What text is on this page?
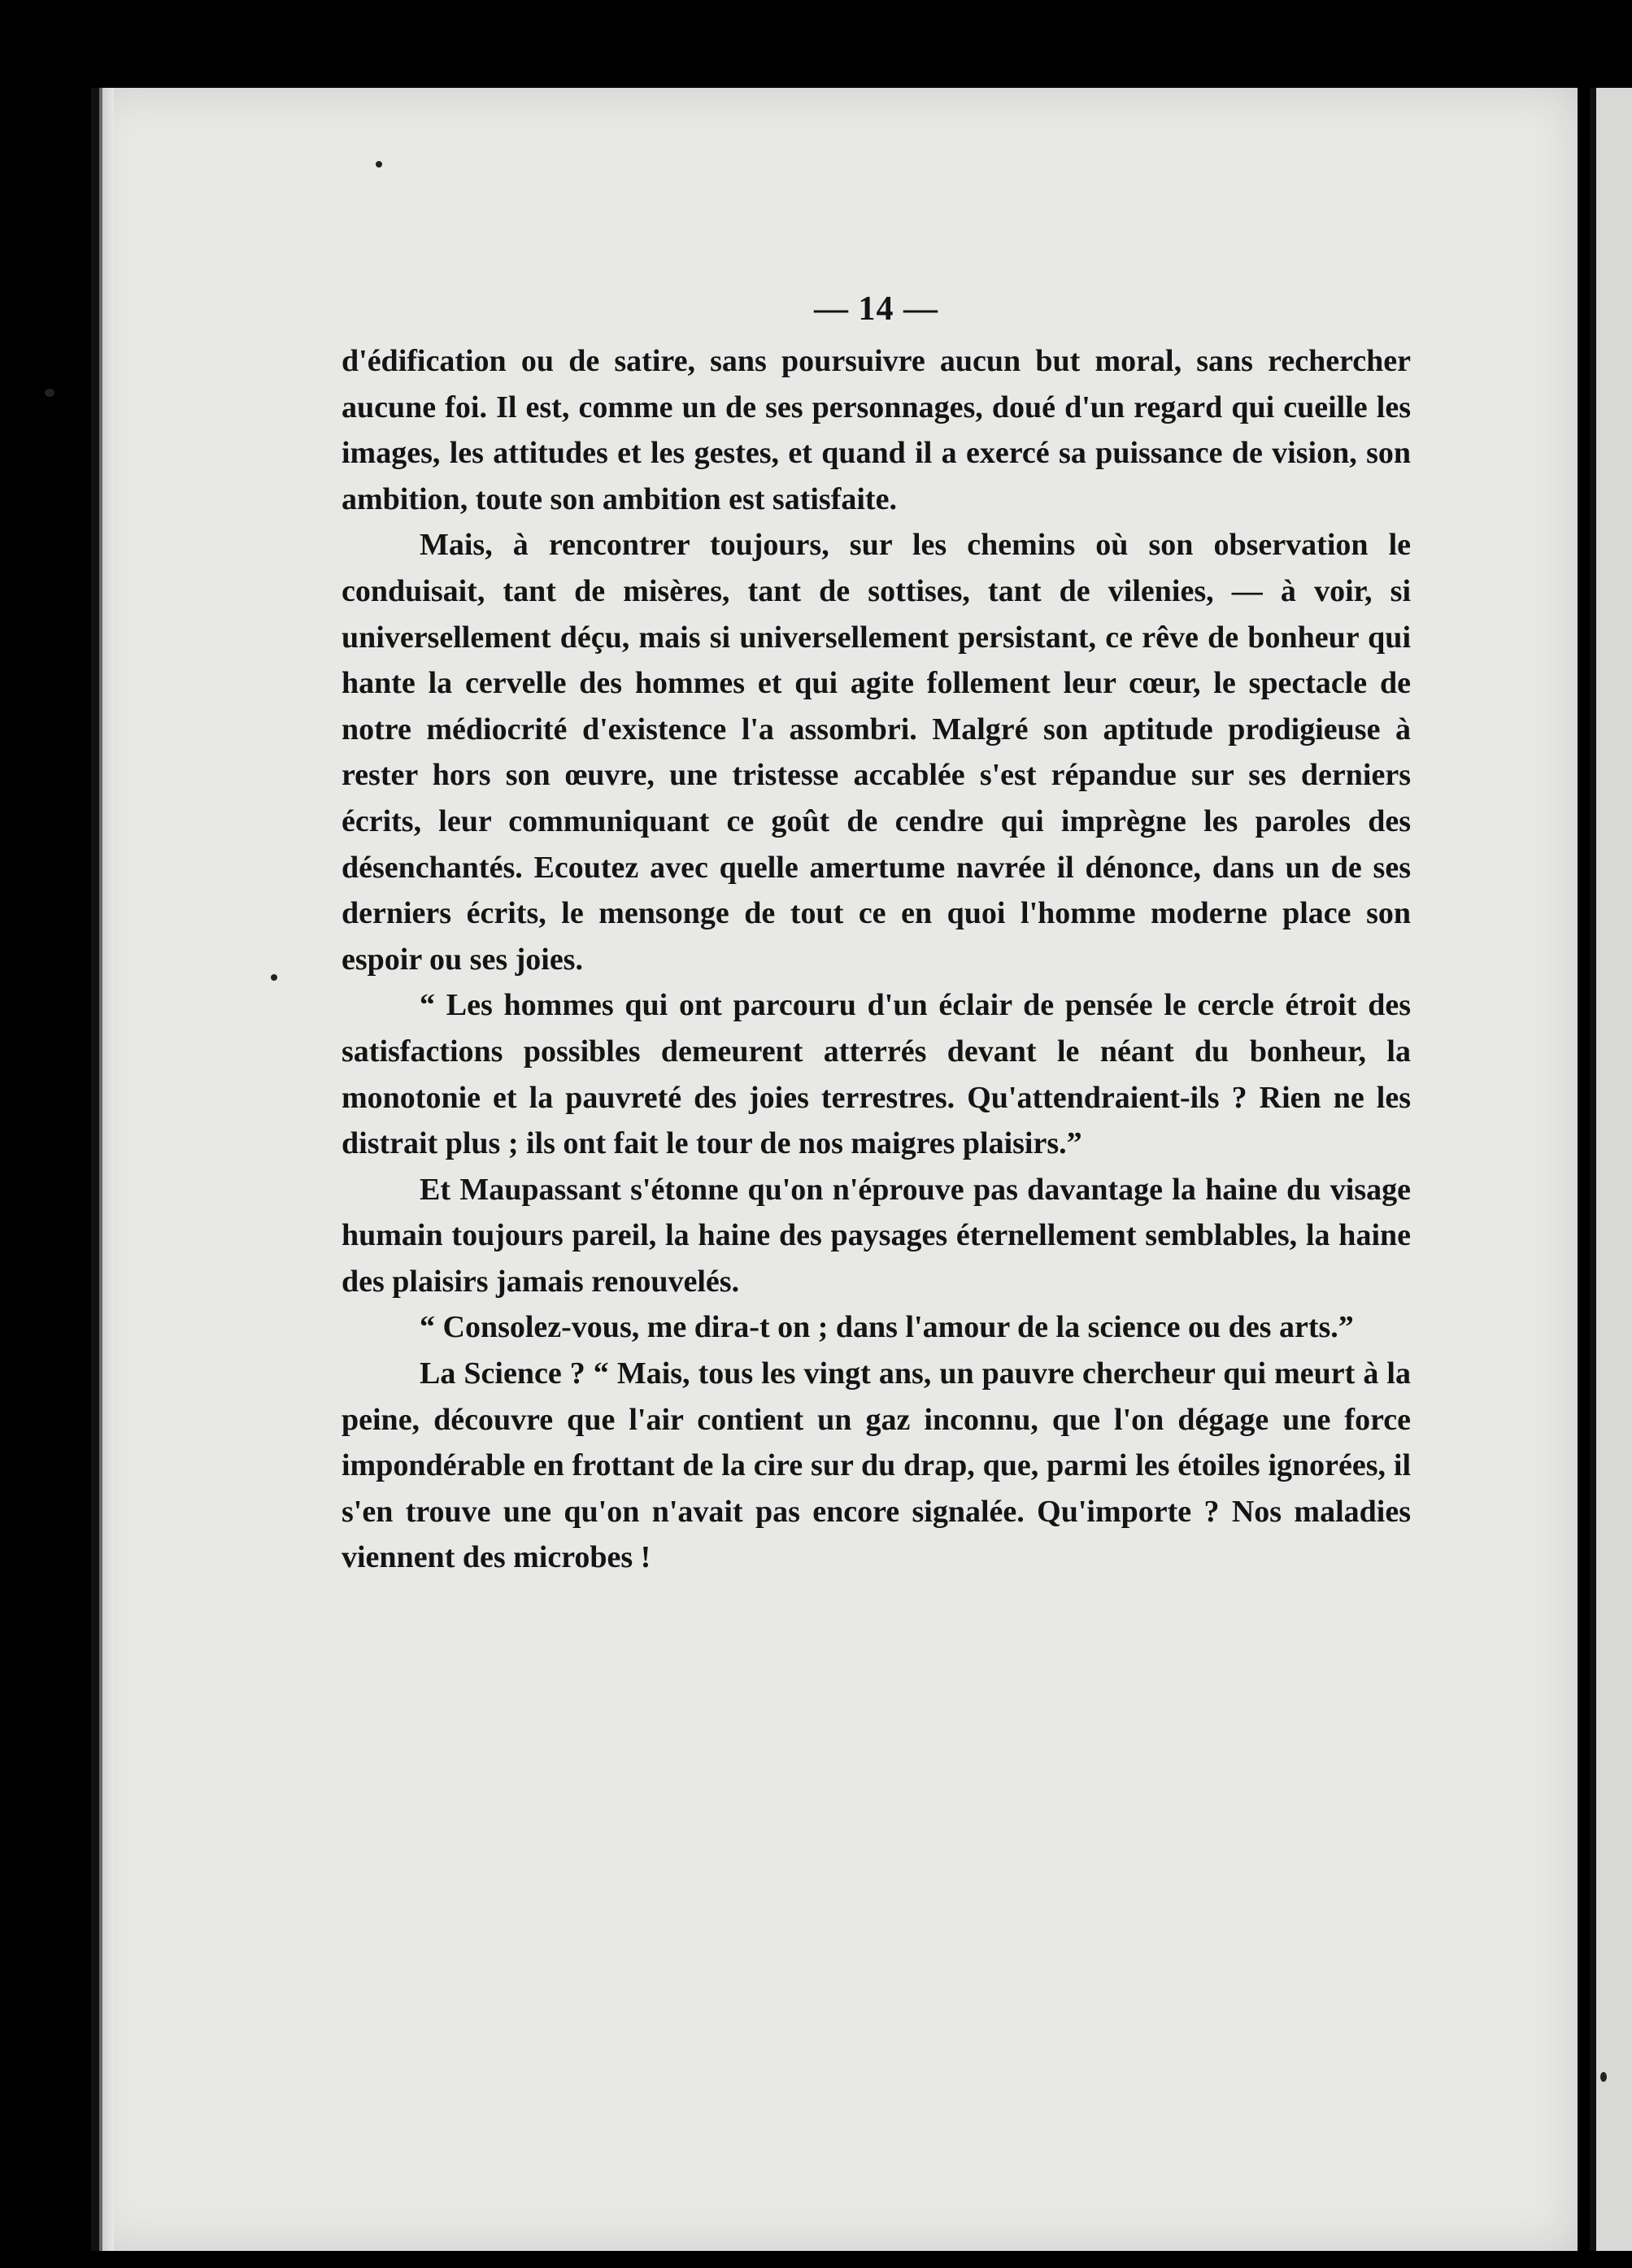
— 14 —

d'édification ou de satire, sans poursuivre aucun but moral, sans rechercher aucune foi. Il est, comme un de ses personnages, doué d'un regard qui cueille les images, les attitudes et les gestes, et quand il a exercé sa puissance de vision, son ambition, toute son ambition est satisfaite.

Mais, à rencontrer toujours, sur les chemins où son observation le conduisait, tant de misères, tant de sottises, tant de vilenies, — à voir, si universellement déçu, mais si universellement persistant, ce rêve de bonheur qui hante la cervelle des hommes et qui agite follement leur cœur, le spectacle de notre médiocrité d'existence l'a assombri. Malgré son aptitude prodigieuse à rester hors son œuvre, une tristesse accablée s'est répandue sur ses derniers écrits, leur communiquant ce goût de cendre qui imprègne les paroles des désenchantés. Ecoutez avec quelle amertume navrée il dénonce, dans un de ses derniers écrits, le mensonge de tout ce en quoi l'homme moderne place son espoir ou ses joies.

“ Les hommes qui ont parcouru d'un éclair de pensée le cercle étroit des satisfactions possibles demeurent atterrés devant le néant du bonheur, la monotonie et la pauvreté des joies terrestres. Qu'attendraient-ils ? Rien ne les distrait plus ; ils ont fait le tour de nos maigres plaisirs.”

Et Maupassant s'étonne qu'on n'éprouve pas davantage la haine du visage humain toujours pareil, la haine des paysages éternellement semblables, la haine des plaisirs jamais renouvelés.

“ Consolez-vous, me dira-t on ; dans l'amour de la science ou des arts.”

La Science ? “ Mais, tous les vingt ans, un pauvre chercheur qui meurt à la peine, découvre que l'air contient un gaz inconnu, que l'on dégage une force impondérable en frottant de la cire sur du drap, que, parmi les étoiles ignorées, il s'en trouve une qu'on n'avait pas encore signalée. Qu'importe ? Nos maladies viennent des microbes !
